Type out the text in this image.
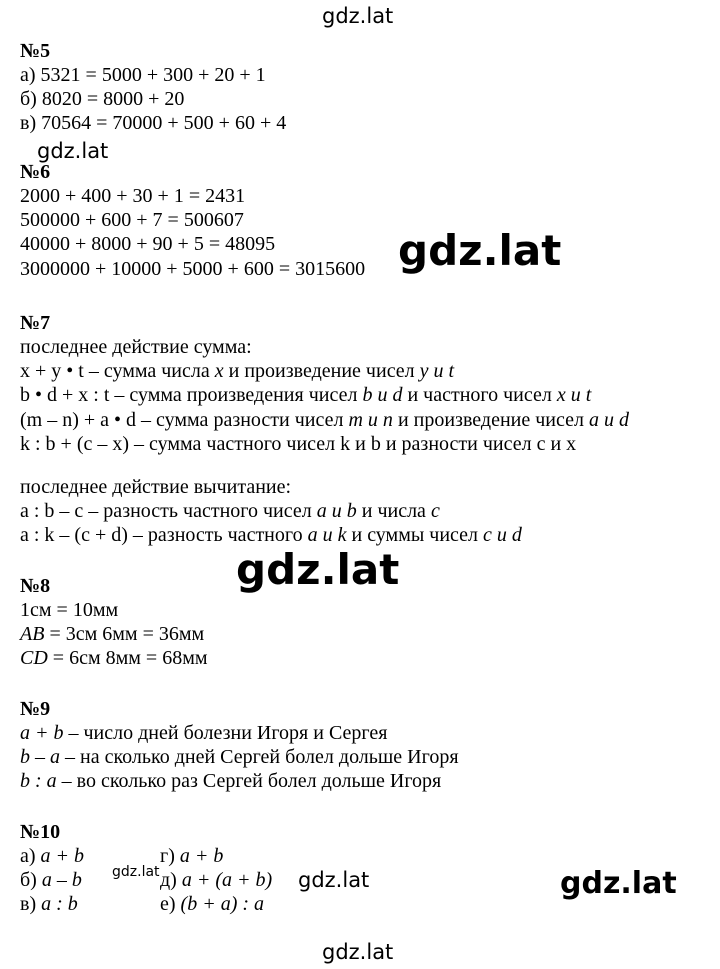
gdz.lat
gdz.lat
gdz.lat
gdz.lat
gdz.lat	gdz.lat	gdz.lat
gdz.lat
№5
а) 5321 = 5000 + 300 + 20 + 1
б) 8020 = 8000 + 20
в) 70564 = 70000 + 500 + 60 + 4
№6
2000 + 400 + 30 + 1 = 2431
500000 + 600 + 7 = 500607
40000 + 8000 + 90 + 5 = 48095
3000000 + 10000 + 5000 + 600 = 3015600
№7
последнее действие сумма:
x + y • t – сумма числа x и произведение чисел y и t
b • d + x : t – сумма произведения чисел b и d и частного чисел x и t
(m – n) + a • d – сумма разности чисел m и n и произведение чисел a и d
k : b + (c – x) – сумма частного чисел k и b и разности чисел с и х
последнее действие вычитание:
a : b – c – разность частного чисел a и b и числа c
a : k – (c + d) – разность частного a и k и суммы чисел c и d
№8
1см = 10мм
AB = 3см 6мм = 36мм
CD = 6см 8мм = 68мм
№9
a + b – число дней болезни Игоря и Сергея
b – a – на сколько дней Сергей болел дольше Игоря
b : a – во сколько раз Сергей болел дольше Игоря
№10
а) a + b
б) a – b
в) a : b
г) a + b
д) a + (a + b)
е) (b + a) : a
